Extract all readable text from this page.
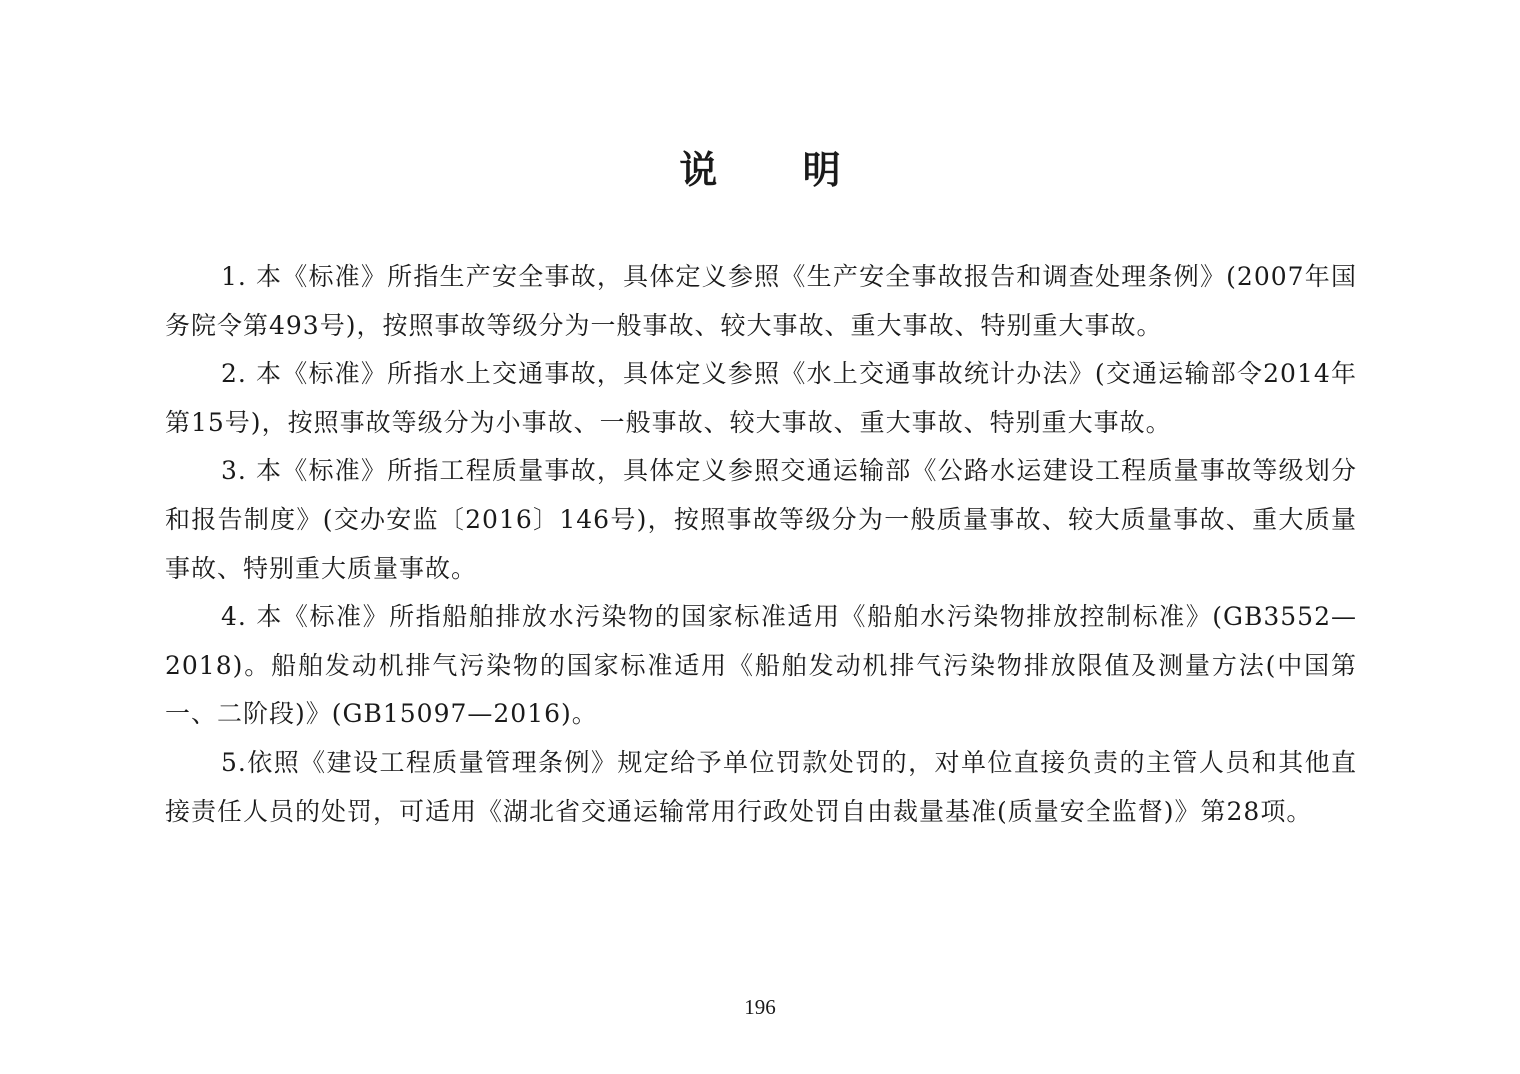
说 明

1. 本《标准》所指生产安全事故，具体定义参照《生产安全事故报告和调查处理条例》(2007年国务院令第493号)，按照事故等级分为一般事故、较大事故、重大事故、特别重大事故。

2. 本《标准》所指水上交通事故，具体定义参照《水上交通事故统计办法》(交通运输部令2014年第15号)，按照事故等级分为小事故、一般事故、较大事故、重大事故、特别重大事故。

3. 本《标准》所指工程质量事故，具体定义参照交通运输部《公路水运建设工程质量事故等级划分和报告制度》(交办安监〔2016〕146号)，按照事故等级分为一般质量事故、较大质量事故、重大质量事故、特别重大质量事故。

4. 本《标准》所指船舶排放水污染物的国家标准适用《船舶水污染物排放控制标准》(GB3552—2018)。船舶发动机排气污染物的国家标准适用《船舶发动机排气污染物排放限值及测量方法(中国第一、二阶段)》(GB15097—2016)。

5.依照《建设工程质量管理条例》规定给予单位罚款处罚的，对单位直接负责的主管人员和其他直接责任人员的处罚，可适用《湖北省交通运输常用行政处罚自由裁量基准(质量安全监督)》第28项。

196
